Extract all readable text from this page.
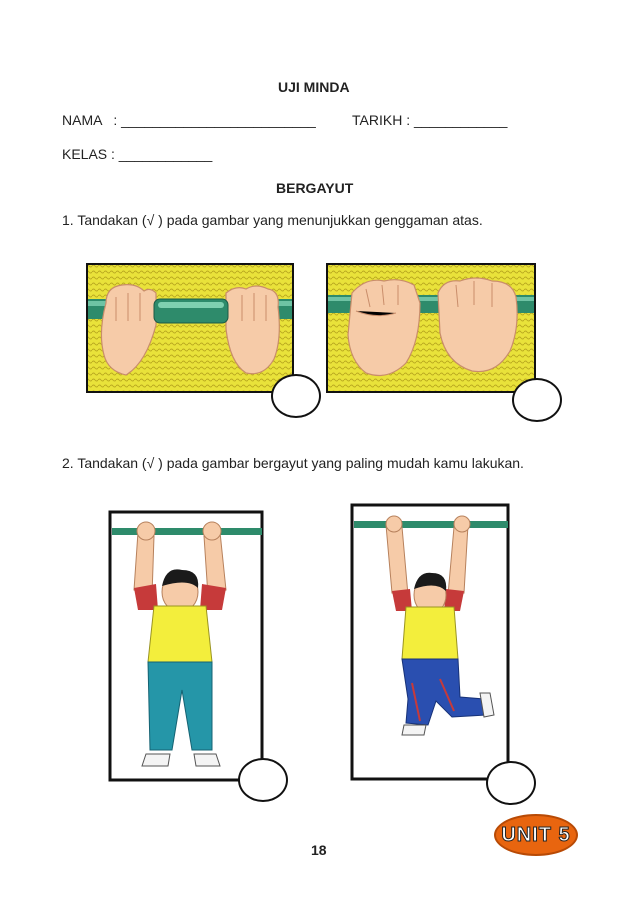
UJI MINDA
NAMA   : _________________________	TARIKH : ____________
KELAS : ____________
BERGAYUT
1. Tandakan (√ ) pada gambar yang menunjukkan genggaman atas.
2. Tandakan (√ ) pada gambar bergayut yang paling mudah kamu lakukan.
18
UNIT 5
